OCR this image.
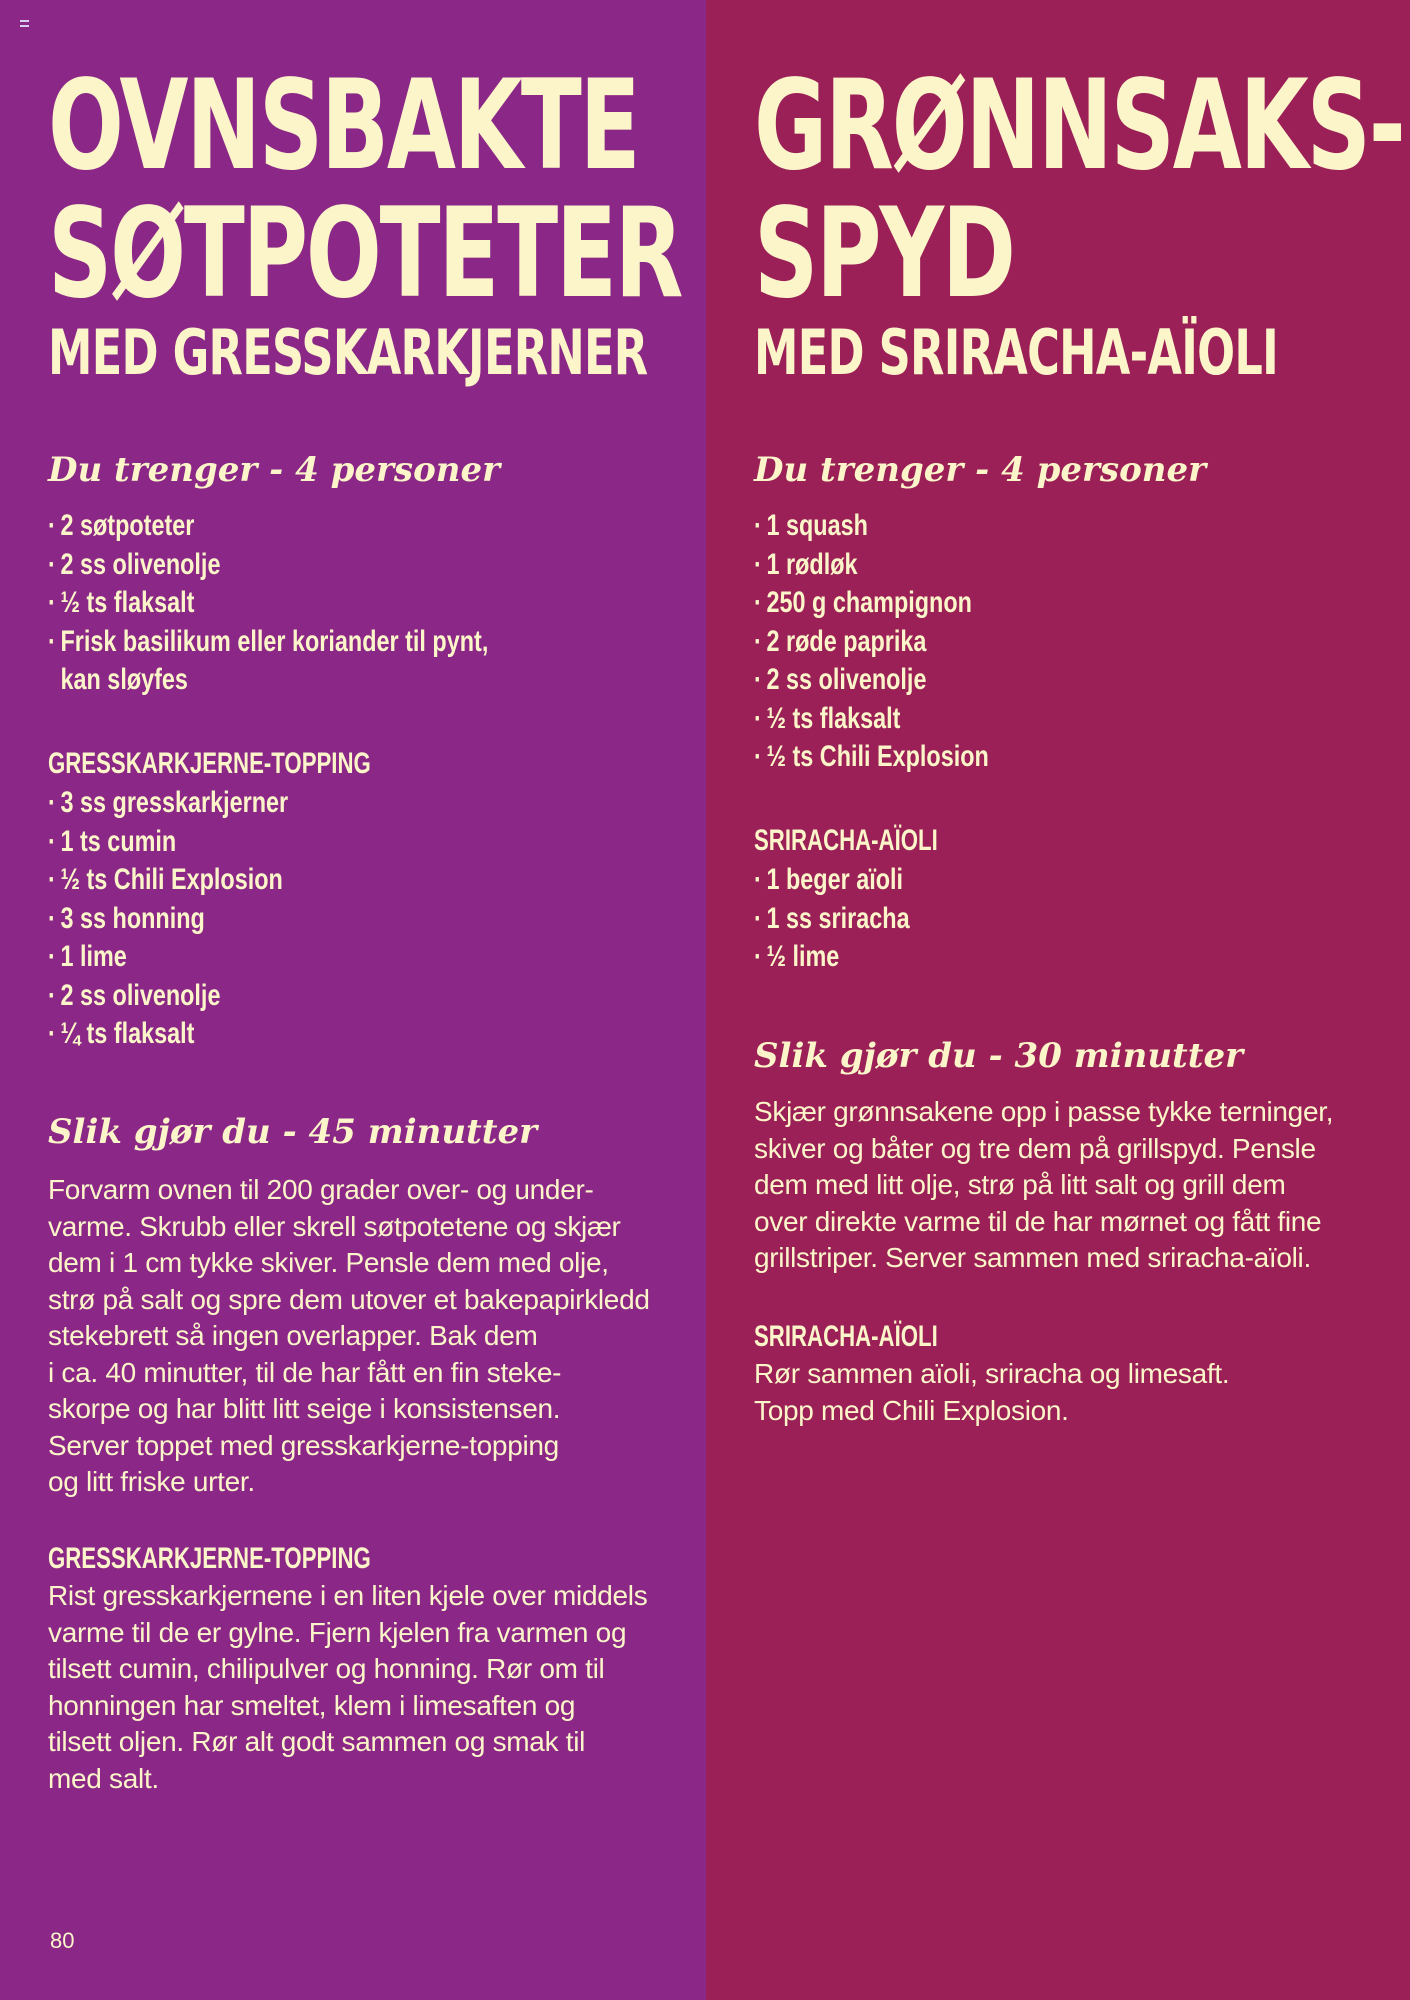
OVNSBAKTE
SØTPOTETER
MED GRESSKARKJERNER
Du trenger - 4 personer
· 2 søtpoteter
· 2 ss olivenolje
· ½ ts flaksalt
· Frisk basilikum eller koriander til pynt,
kan sløyfes
GRESSKARKJERNE-TOPPING
· 3 ss gresskarkjerner
· 1 ts cumin
· ½ ts Chili Explosion
· 3 ss honning
· 1 lime
· 2 ss olivenolje
· ¼ ts flaksalt
Slik gjør du - 45 minutter
Forvarm ovnen til 200 grader over- og under-
varme. Skrubb eller skrell søtpotetene og skjær
dem i 1 cm tykke skiver. Pensle dem med olje,
strø på salt og spre dem utover et bakepapirkledd
stekebrett så ingen overlapper. Bak dem
i ca. 40 minutter, til de har fått en fin steke-
skorpe og har blitt litt seige i konsistensen.
Server toppet med gresskarkjerne-topping
og litt friske urter.
GRESSKARKJERNE-TOPPING
Rist gresskarkjernene i en liten kjele over middels
varme til de er gylne. Fjern kjelen fra varmen og
tilsett cumin, chilipulver og honning. Rør om til
honningen har smeltet, klem i limesaften og
tilsett oljen. Rør alt godt sammen og smak til
med salt.
80
GRØNNSAKS-
SPYD
MED SRIRACHA-AÏOLI
Du trenger - 4 personer
· 1 squash
· 1 rødløk
· 250 g champignon
· 2 røde paprika
· 2 ss olivenolje
· ½ ts flaksalt
· ½ ts Chili Explosion
SRIRACHA-AÏOLI
· 1 beger aïoli
· 1 ss sriracha
· ½ lime
Slik gjør du - 30 minutter
Skjær grønnsakene opp i passe tykke terninger,
skiver og båter og tre dem på grillspyd. Pensle
dem med litt olje, strø på litt salt og grill dem
over direkte varme til de har mørnet og fått fine
grillstriper. Server sammen med sriracha-aïoli.
SRIRACHA-AÏOLI
Rør sammen aïoli, sriracha og limesaft.
Topp med Chili Explosion.
